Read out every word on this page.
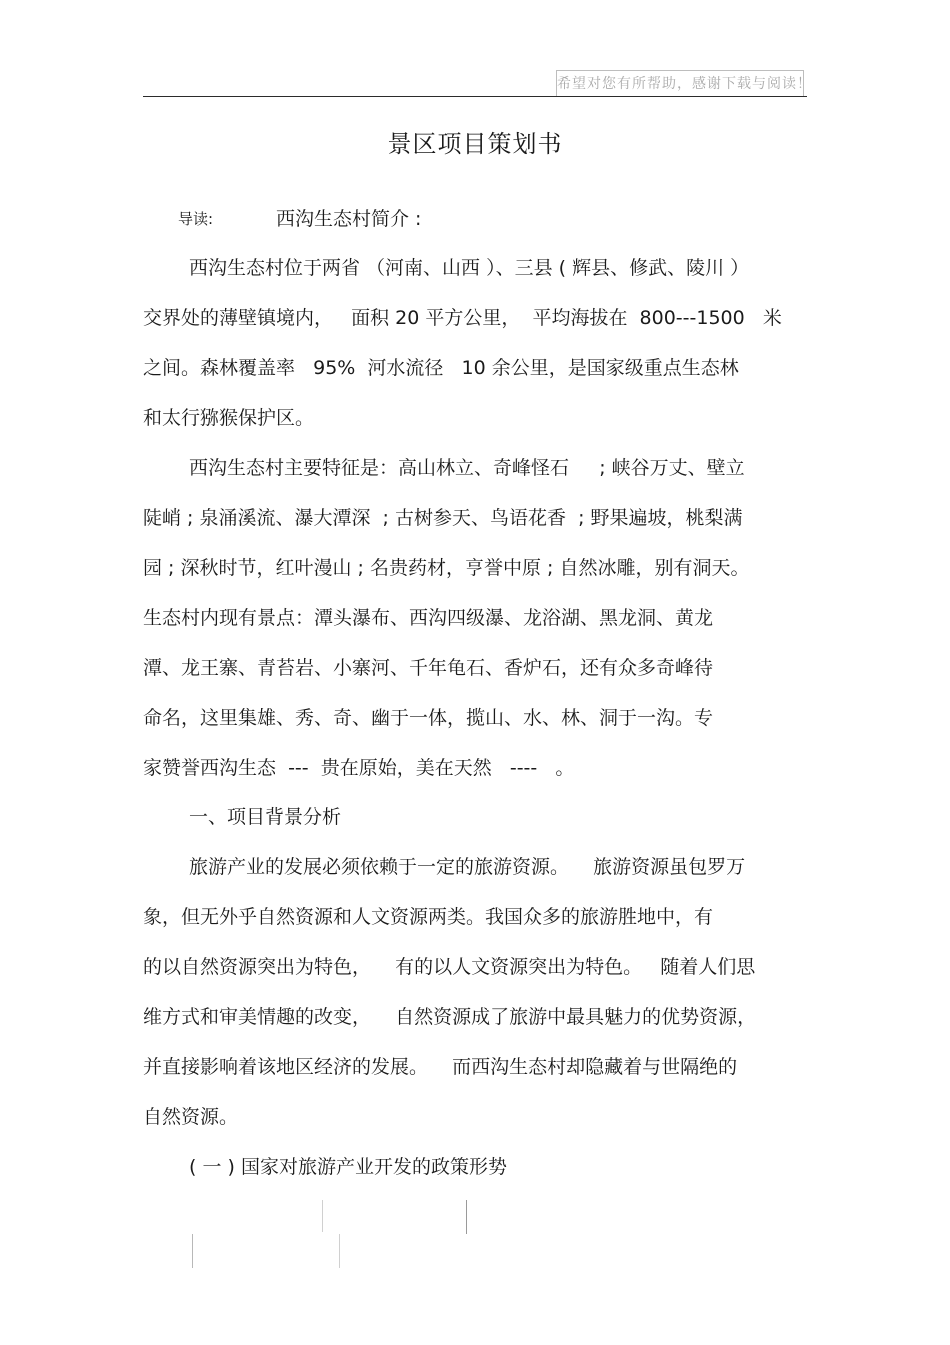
希望对您有所帮助，感谢下载与阅读！
景区项目策划书
导读:	西沟生态村简介 :
西沟生态村位于两省 （河南、山西 ）、三县 ( 辉县、修武、陵川 ）
交界处的薄壁镇境内，   面积 20 平方公里，  平均海拔在  800---1500   米
之间。森林覆盖率   95%  河水流径   10 余公里，是国家级重点生态林
和太行猕猴保护区。
西沟生态村主要特征是：高山林立、奇峰怪石     ; 峡谷万丈、壁立
陡峭 ; 泉涌溪流、瀑大潭深  ; 古树参天、鸟语花香  ; 野果遍坡，桃梨满
园 ; 深秋时节，红叶漫山 ; 名贵药材，亨誉中原 ; 自然冰雕，别有洞天。
生态村内现有景点：潭头瀑布、西沟四级瀑、龙浴湖、黑龙洞、黄龙
潭、龙王寨、青苔岩、小寨河、千年龟石、香炉石，还有众多奇峰待
命名，这里集雄、秀、奇、幽于一体，揽山、水、林、洞于一沟。专
家赞誉西沟生态  ---  贵在原始，美在天然   ----   。
一、项目背景分析
旅游产业的发展必须依赖于一定的旅游资源。    旅游资源虽包罗万
象，但无外乎自然资源和人文资源两类。我国众多的旅游胜地中，有
的以自然资源突出为特色，    有的以人文资源突出为特色。   随着人们思
维方式和审美情趣的改变，    自然资源成了旅游中最具魅力的优势资源，
并直接影响着该地区经济的发展。    而西沟生态村却隐藏着与世隔绝的
自然资源。
( 一 ) 国家对旅游产业开发的政策形势
